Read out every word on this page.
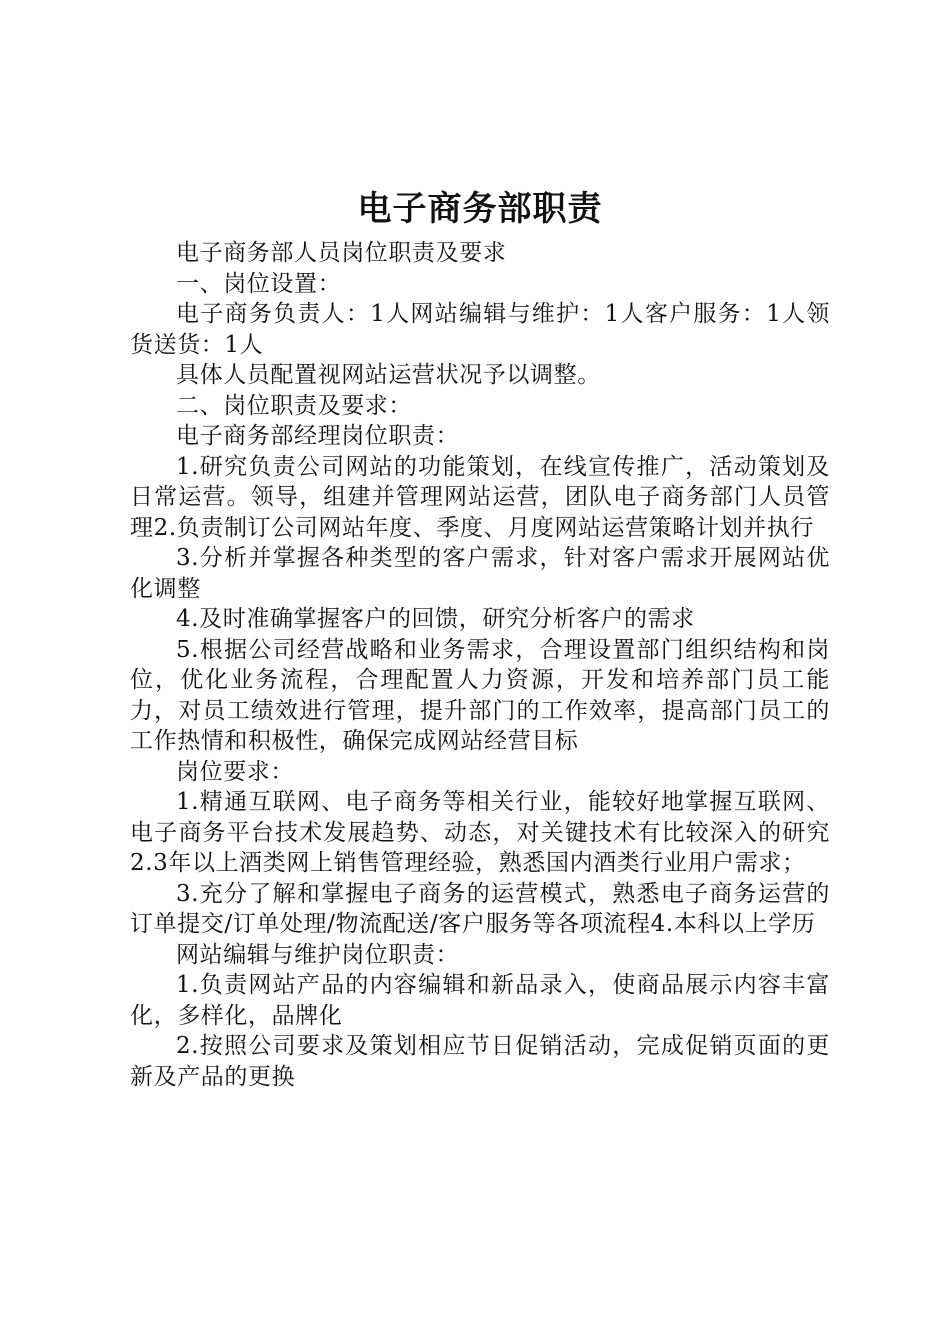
电子商务部职责

电子商务部人员岗位职责及要求

一、岗位设置：

电子商务负责人：1人网站编辑与维护：1人客户服务：1人领货送货：1人

具体人员配置视网站运营状况予以调整。

二、岗位职责及要求：

电子商务部经理岗位职责：

1.研究负责公司网站的功能策划，在线宣传推广，活动策划及日常运营。领导，组建并管理网站运营，团队电子商务部门人员管理2.负责制订公司网站年度、季度、月度网站运营策略计划并执行

3.分析并掌握各种类型的客户需求，针对客户需求开展网站优化调整

4.及时准确掌握客户的回馈，研究分析客户的需求

5.根据公司经营战略和业务需求，合理设置部门组织结构和岗位，优化业务流程，合理配置人力资源，开发和培养部门员工能力，对员工绩效进行管理，提升部门的工作效率，提高部门员工的工作热情和积极性，确保完成网站经营目标

岗位要求：

1.精通互联网、电子商务等相关行业，能较好地掌握互联网、电子商务平台技术发展趋势、动态，对关键技术有比较深入的研究2.3年以上酒类网上销售管理经验，熟悉国内酒类行业用户需求；

3.充分了解和掌握电子商务的运营模式，熟悉电子商务运营的订单提交/订单处理/物流配送/客户服务等各项流程4.本科以上学历

网站编辑与维护岗位职责：

1.负责网站产品的内容编辑和新品录入，使商品展示内容丰富化，多样化，品牌化

2.按照公司要求及策划相应节日促销活动，完成促销页面的更新及产品的更换
